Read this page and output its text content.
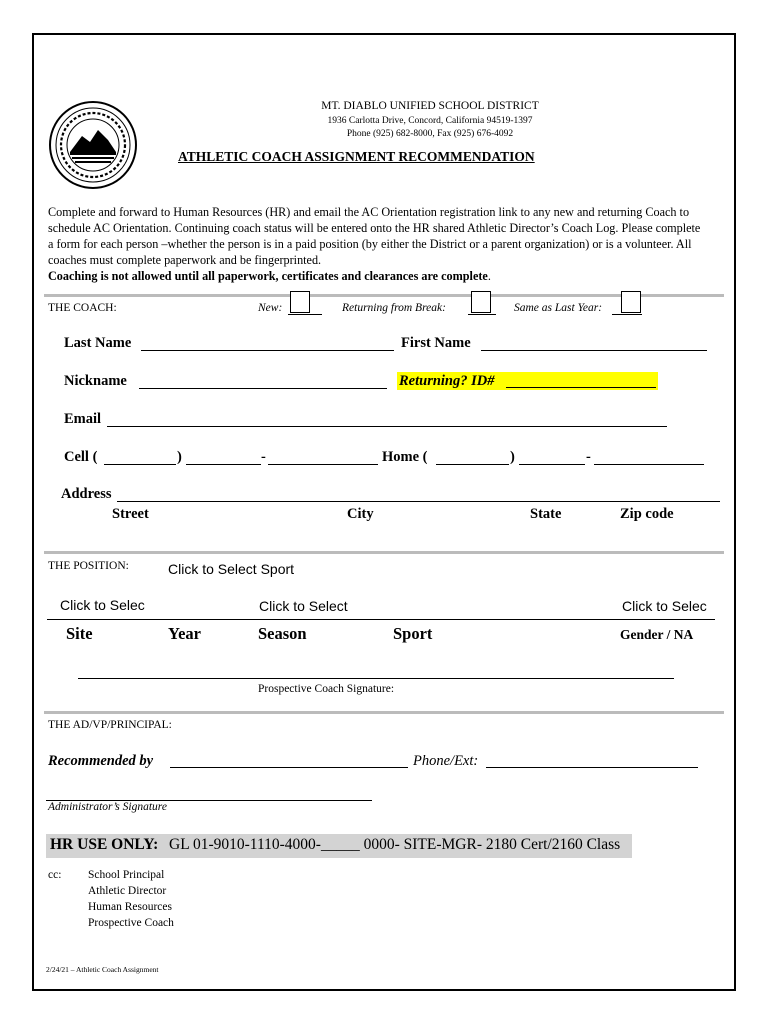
MT. DIABLO UNIFIED SCHOOL DISTRICT
1936 Carlotta Drive, Concord, California 94519-1397
Phone (925) 682-8000, Fax (925) 676-4092
ATHLETIC COACH ASSIGNMENT RECOMMENDATION
Complete and forward to Human Resources (HR) and email the AC Orientation registration link to any new and returning Coach to schedule AC Orientation. Continuing coach status will be entered onto the HR shared Athletic Director’s Coach Log. Please complete a form for each person –whether the person is in a paid position (by either the District or a parent organization) or is a volunteer. All coaches must complete paperwork and be fingerprinted.
Coaching is not allowed until all paperwork, certificates and clearances are complete.
THE COACH:	New:	Returning from Break:	Same as Last Year:
Last Name	First Name
Nickname	Returning? ID#
Email
Cell (	)	-	Home (	)	-
Address
Street	City	State	Zip code
THE POSITION:	Click to Select Sport
Click to Selec	Click to Select	Click to Selec
Site	Year	Season	Sport	Gender / NA
Prospective Coach Signature:
THE AD/VP/PRINCIPAL:
Recommended by	Phone/Ext:
Administrator’s Signature
HR USE ONLY: GL 01-9010-1110-4000-_____ 0000- SITE-MGR- 2180 Cert/2160 Class
cc: School Principal
Athletic Director
Human Resources
Prospective Coach
2/24/21 – Athletic Coach Assignment
